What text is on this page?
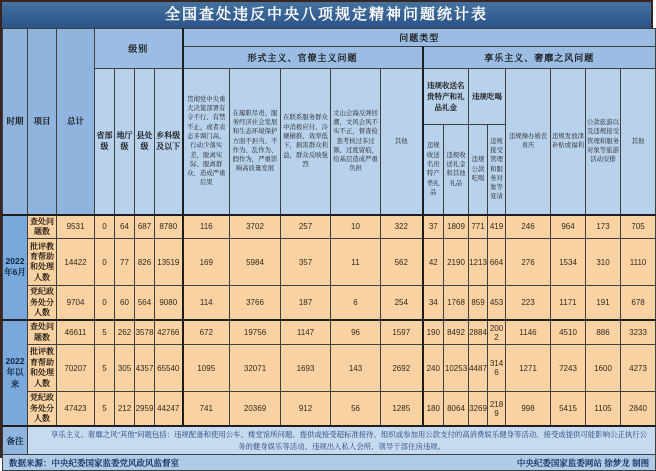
全国查处违反中央八项规定精神问题统计表
时期	项目	总计	级别				问题类型												
							形式主义、官僚主义问题					享乐主义、奢靡之风问题							
			省部级	地厅级	县处级	乡科级及以下	贯彻党中央重大决策部署有令不行、有禁不止，或者表态多调门高、行动少落实差，脱离实际、脱离群众，造成严重后果	在履职尽责、服务经济社会发展和生态环境保护方面不担当、不作为、乱作为、假作为，严重影响高质量发展	在联系服务群众中消极应付、冷硬横推、效率低下，损害群众利益，群众反映强烈	文山会海反弹回潮，文风会风不实不正，督查检查考核过多过频、过度留痕，给基层造成严重负担	其他	违规收送名贵特产和礼品礼金		违规吃喝		违规操办婚丧喜庆	违规发放津补贴或福利	公款旅游以及违规接受管理和服务对象等旅游活动安排	其他
												违规收送名贵特产类礼品	违规收送礼金和其他礼品	违规公款吃喝	违规接受管理和服务对象等宴请				
2022年6月	查处问题数	9531	0	64	687	8780	116	3702	257	10	322	37	1809	771	419	246	964	173	705
	批评教育帮助和处理人数	14422	0	77	826	13519	169	5984	357	11	562	42	2190	1213	664	276	1534	310	1110
	党纪政务处分人数	9704	0	60	564	9080	114	3766	187	6	254	34	1768	859	453	223	1171	191	678
2022年以来	查处问题数	46611	5	262	3578	42766	672	19756	1147	96	1597	190	8492	2884	2002	1146	4510	886	3233
	批评教育帮助和处理人数	70207	5	305	4357	65540	1095	32071	1693	143	2692	240	10253	4487	3146	1271	7243	1600	4273
	党纪政务处分人数	47423	5	212	2959	44247	741	20369	912	56	1285	180	8064	3269	2189	998	5415	1105	2840
备注	享乐主义、奢靡之风“其他”问题包括：违规配备和使用公车、楼堂馆所问题、提供或接受超标准接待、组织或参加用公款支付的高消费娱乐健身等活动、接受或提供可能影响公正执行公务的健身娱乐等活动、违规出入私人会所、领导干部住房违规。																		

数据来源：中央纪委国家监委党风政风监督室 中央纪委国家监委网站 徐梦龙 制图																			
